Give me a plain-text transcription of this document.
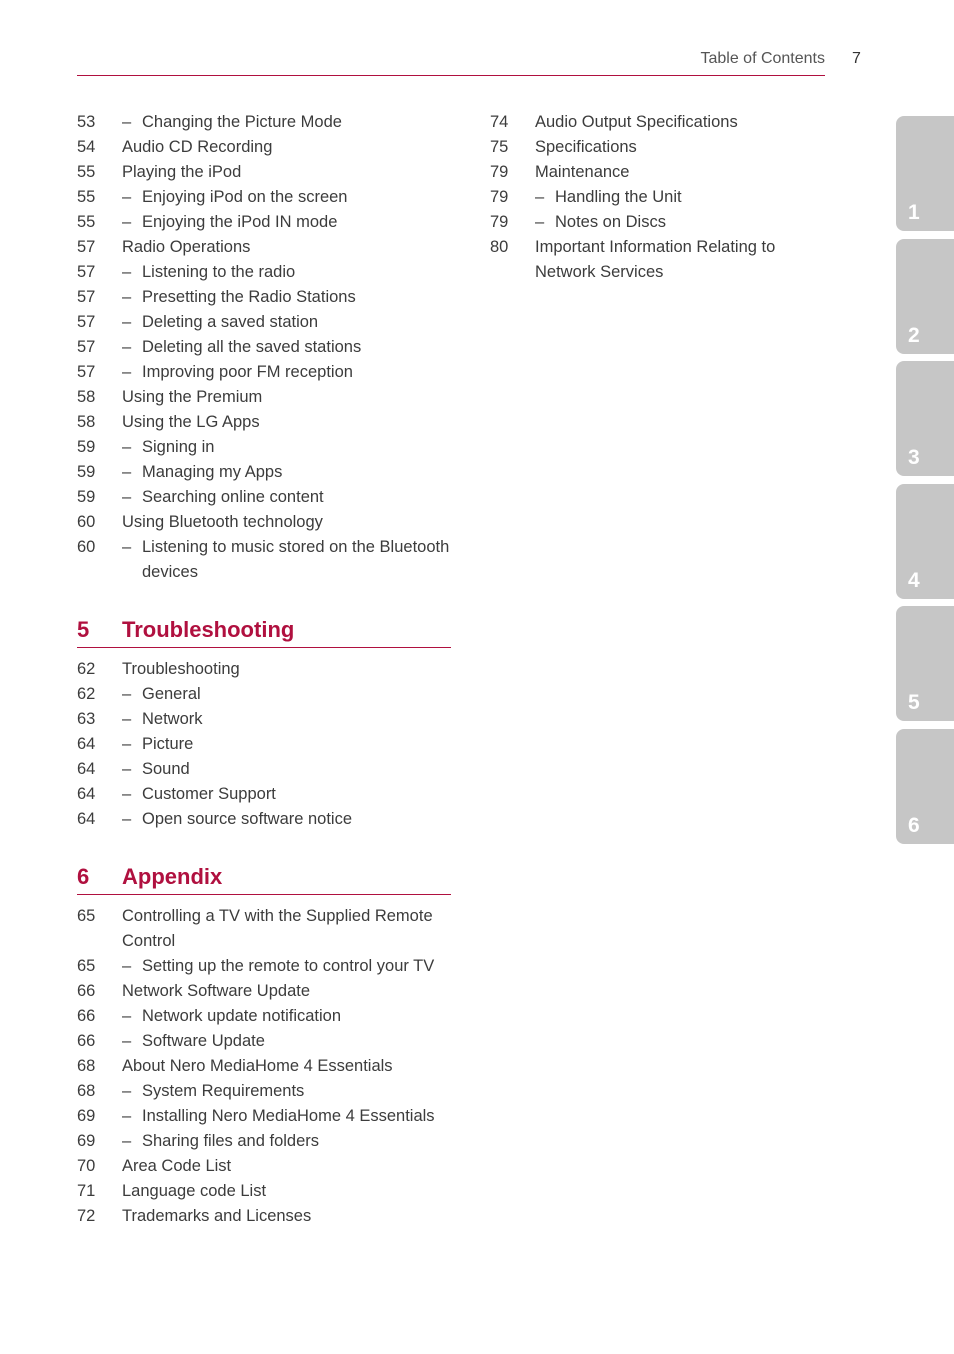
Table of Contents 7
53	– Changing the Picture Mode
54	Audio CD Recording
55	Playing the iPod
55	– Enjoying iPod on the screen
55	– Enjoying the iPod IN mode
57	Radio Operations
57	– Listening to the radio
57	– Presetting the Radio Stations
57	– Deleting a saved station
57	– Deleting all the saved stations
57	– Improving poor FM reception
58	Using the Premium
58	Using the LG Apps
59	– Signing in
59	– Managing my Apps
59	– Searching online content
60	Using Bluetooth technology
60	– Listening to music stored on the Bluetooth devices
5	Troubleshooting
62	Troubleshooting
62	– General
63	– Network
64	– Picture
64	– Sound
64	– Customer Support
64	– Open source software notice
6	Appendix
65	Controlling a TV with the Supplied Remote Control
65	– Setting up the remote to control your TV
66	Network Software Update
66	– Network update notification
66	– Software Update
68	About Nero MediaHome 4 Essentials
68	– System Requirements
69	– Installing Nero MediaHome 4 Essentials
69	– Sharing files and folders
70	Area Code List
71	Language code List
72	Trademarks and Licenses
74	Audio Output Specifications
75	Specifications
79	Maintenance
79	– Handling the Unit
79	– Notes on Discs
80	Important Information Relating to Network Services
1
2
3
4
5
6
